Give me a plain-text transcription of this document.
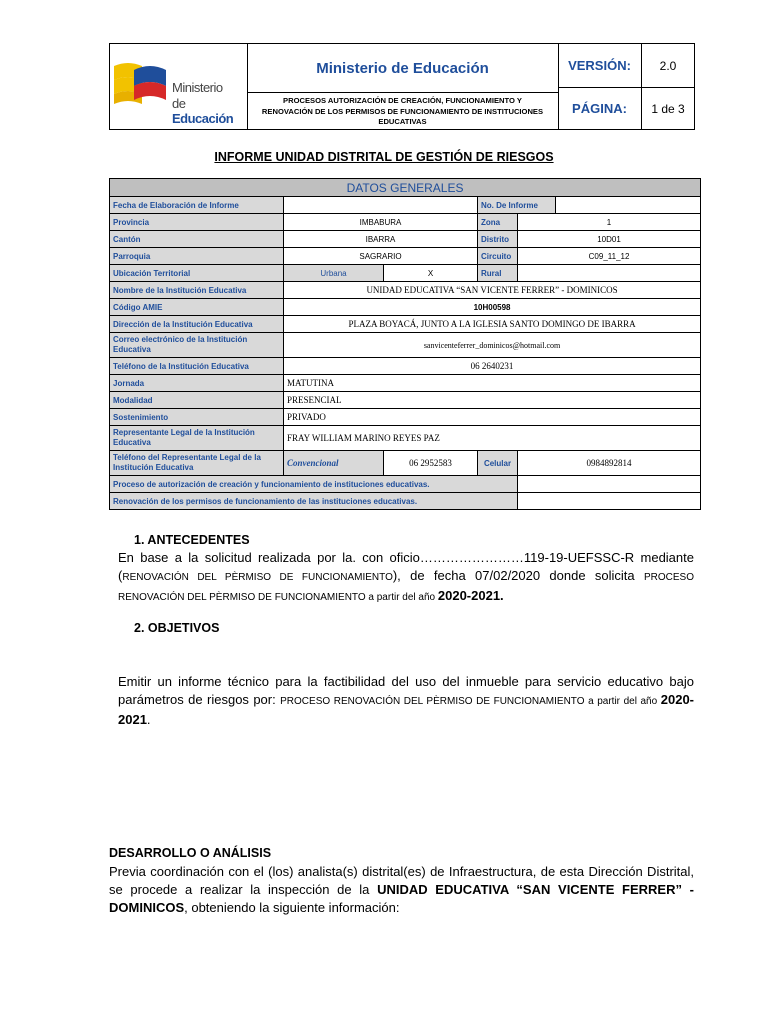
Ministerio
de Educación
Ministerio de Educación
PROCESOS AUTORIZACIÓN DE CREACIÓN, FUNCIONAMIENTO Y RENOVACIÓN DE LOS PERMISOS DE FUNCIONAMIENTO DE INSTITUCIONES EDUCATIVAS
VERSIÓN:	2.0
PÁGINA:	1 de 3
INFORME UNIDAD DISTRITAL DE GESTIÓN DE RIESGOS
DATOS GENERALES					
Fecha de Elaboración de Informe			No. De Informe		
Provincia	IMBABURA		Zona	1	
Cantón	IBARRA		Distrito	10D01	
Parroquia	SAGRARIO		Circuito	C09_11_12	
Ubicación Territorial	Urbana	X	Rural		
Nombre de la Institución Educativa	UNIDAD EDUCATIVA “SAN VICENTE FERRER” - DOMINICOS				
Código AMIE	10H00598				
Dirección de la Institución Educativa	PLAZA BOYACÁ, JUNTO A LA IGLESIA SANTO DOMINGO DE IBARRA				
Correo electrónico de la Institución Educativa	sanvicenteferrer_dominicos@hotmail.com				
Teléfono de la Institución Educativa	06 2640231				
Jornada	MATUTINA				
Modalidad	PRESENCIAL				
Sostenimiento	PRIVADO				
Representante Legal de la Institución Educativa	FRAY WILLIAM MARINO REYES PAZ				
Teléfono del Representante Legal de la Institución Educativa	Convencional	06 2952583	Celular	0984892814	
Proceso de autorización de creación y funcionamiento de instituciones educativas.					
Renovación de los permisos de funcionamiento de las instituciones educativas.					
1. ANTECEDENTES
En base a la solicitud realizada por la. con oficio……………………119-19-UEFSSC-R mediante (RENOVACIÓN DEL PÈRMISO DE FUNCIONAMIENTO), de fecha 07/02/2020 donde solicita PROCESO RENOVACIÓN DEL PÈRMISO DE FUNCIONAMIENTO a partir del año 2020-2021.
2. OBJETIVOS
Emitir un informe técnico para la factibilidad del uso del inmueble para servicio educativo bajo parámetros de riesgos por: PROCESO RENOVACIÓN DEL PÈRMISO DE FUNCIONAMIENTO a partir del año 2020-2021.
DESARROLLO O ANÁLISIS
Previa coordinación con el (los) analista(s) distrital(es) de Infraestructura, de esta Dirección Distrital, se procede a realizar la inspección de la UNIDAD EDUCATIVA “SAN VICENTE FERRER” - DOMINICOS, obteniendo la siguiente información:
